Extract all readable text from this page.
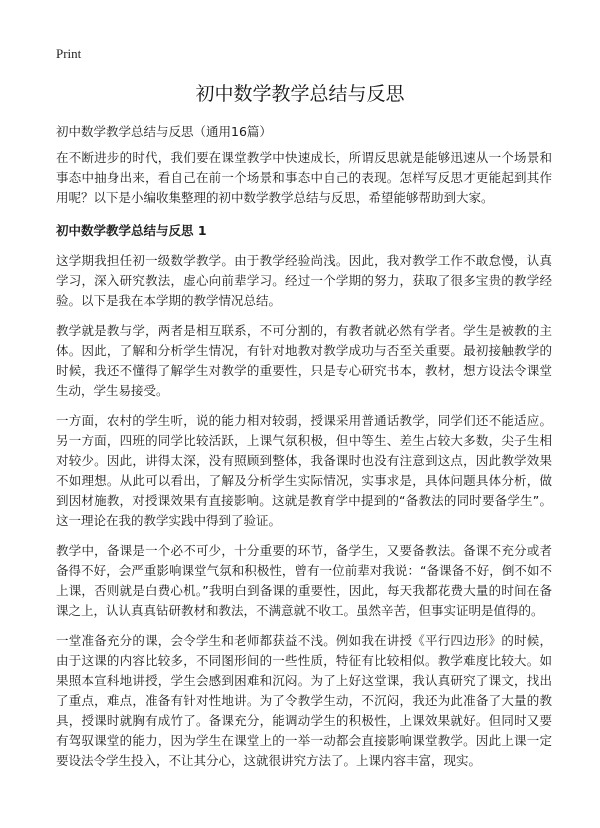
Print
初中数学教学总结与反思

初中数学教学总结与反思（通用16篇）

在不断进步的时代，我们要在课堂教学中快速成长，所谓反思就是能够迅速从一个场景和事态中抽身出来，看自己在前一个场景和事态中自己的表现。怎样写反思才更能起到其作用呢？以下是小编收集整理的初中数学教学总结与反思，希望能够帮助到大家。

初中数学教学总结与反思 1

这学期我担任初一级数学教学。由于教学经验尚浅。因此，我对教学工作不敢怠慢，认真学习，深入研究教法，虚心向前辈学习。经过一个学期的努力，获取了很多宝贵的教学经验。以下是我在本学期的教学情况总结。

教学就是教与学，两者是相互联系，不可分割的，有教者就必然有学者。学生是被教的主体。因此，了解和分析学生情况，有针对地教对教学成功与否至关重要。最初接触教学的时候，我还不懂得了解学生对教学的重要性，只是专心研究书本，教材，想方设法令课堂生动，学生易接受。

一方面，农村的学生听，说的能力相对较弱，授课采用普通话教学，同学们还不能适应。另一方面，四班的同学比较活跃，上课气氛积极，但中等生、差生占较大多数，尖子生相对较少。因此，讲得太深，没有照顾到整体，我备课时也没有注意到这点，因此教学效果不如理想。从此可以看出，了解及分析学生实际情况，实事求是，具体问题具体分析，做到因材施教，对授课效果有直接影响。这就是教育学中提到的“备教法的同时要备学生”。这一理论在我的教学实践中得到了验证。

教学中，备课是一个必不可少，十分重要的环节，备学生，又要备教法。备课不充分或者备得不好，会严重影响课堂气氛和积极性，曾有一位前辈对我说：“备课备不好，倒不如不上课，否则就是白费心机。”我明白到备课的重要性，因此，每天我都花费大量的时间在备课之上，认认真真钻研教材和教法，不满意就不收工。虽然辛苦，但事实证明是值得的。

一堂准备充分的课，会令学生和老师都获益不浅。例如我在讲授《平行四边形》的时候，由于这课的内容比较多，不同图形间的一些性质，特征有比较相似。教学难度比较大。如果照本宣科地讲授，学生会感到困难和沉闷。为了上好这堂课，我认真研究了课文，找出了重点，难点，准备有针对性地讲。为了令教学生动，不沉闷，我还为此准备了大量的教具，授课时就胸有成竹了。备课充分，能调动学生的积极性，上课效果就好。但同时又要有驾驭课堂的能力，因为学生在课堂上的一举一动都会直接影响课堂教学。因此上课一定要设法令学生投入，不让其分心，这就很讲究方法了。上课内容丰富，现实。
